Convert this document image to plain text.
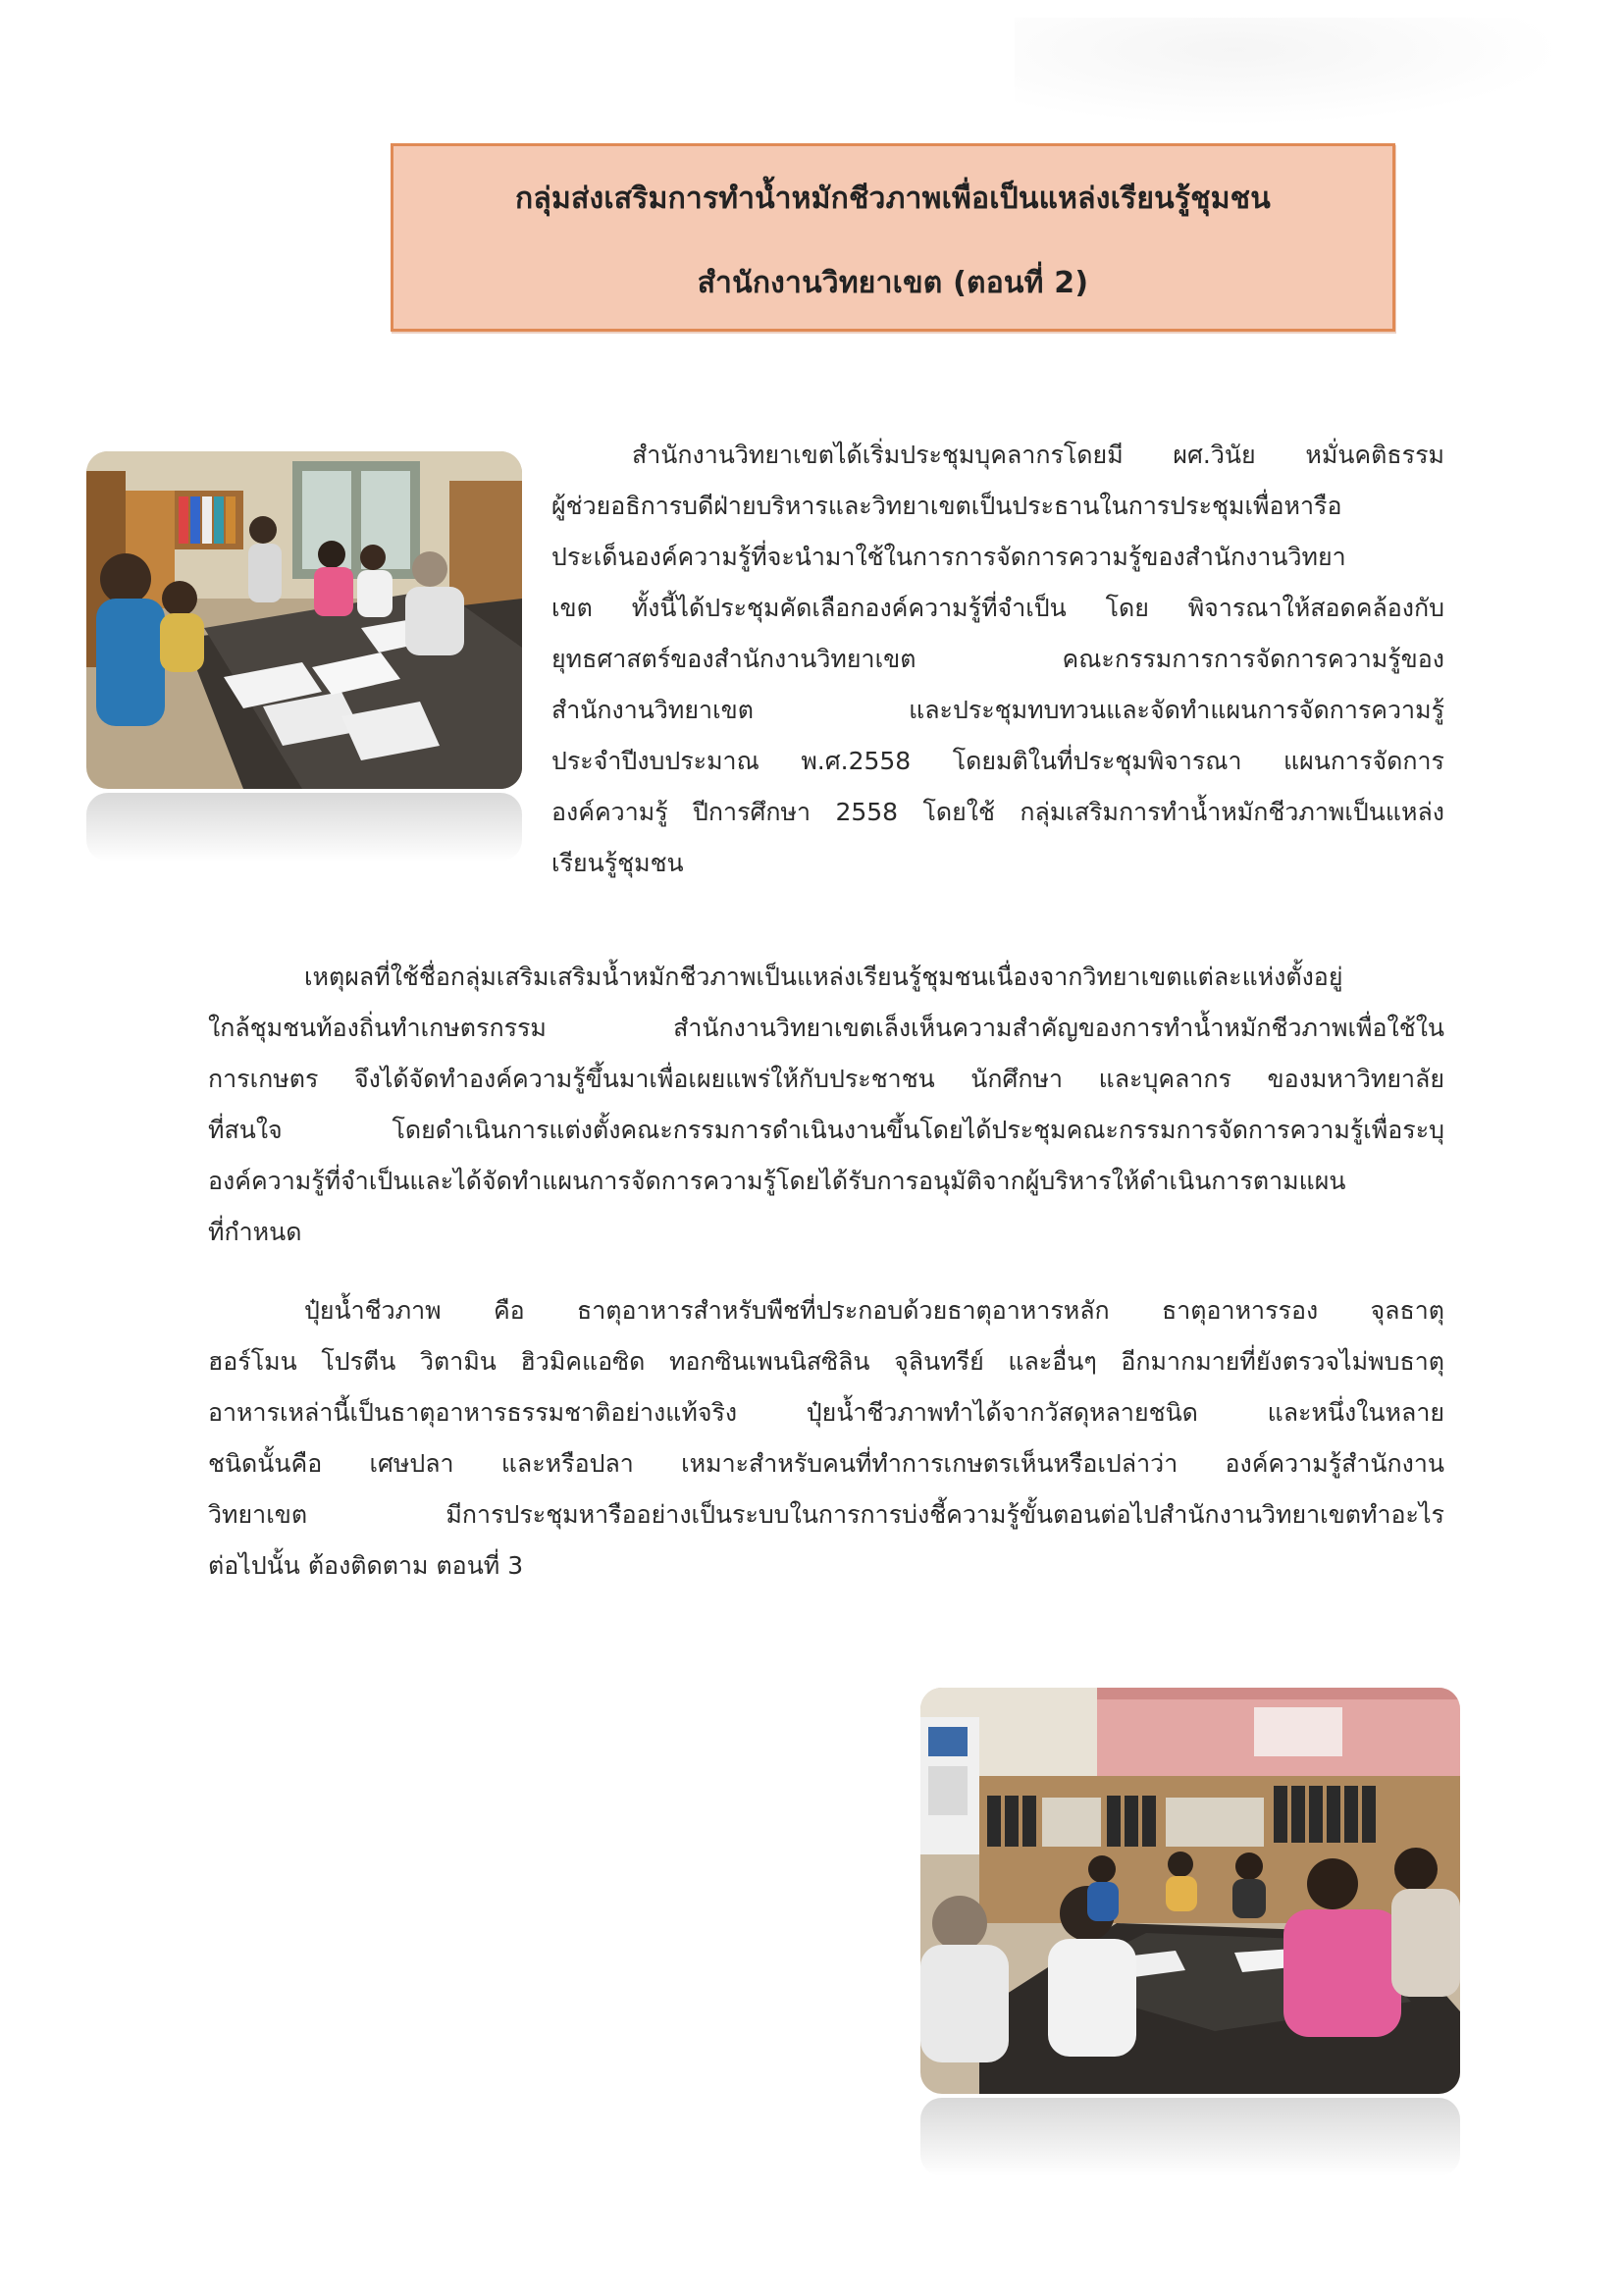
กลุ่มส่งเสริมการทำน้ำหมักชีวภาพเพื่อเป็นแหล่งเรียนรู้ชุมชน
สำนักงานวิทยาเขต (ตอนที่ 2)
สำนักงานวิทยาเขตได้เริ่มประชุมบุคลากรโดยมี ผศ.วินัย หมั่นคติธรรม
ผู้ช่วยอธิการบดีฝ่ายบริหารและวิทยาเขตเป็นประธานในการประชุมเพื่อหารือ
ประเด็นองค์ความรู้ที่จะนำมาใช้ในการการจัดการความรู้ของสำนักงานวิทยา
เขต ทั้งนี้ได้ประชุมคัดเลือกองค์ความรู้ที่จำเป็น โดย พิจารณาให้สอดคล้องกับ
ยุทธศาสตร์ของสำนักงานวิทยาเขต คณะกรรมการการจัดการความรู้ของ
สำนักงานวิทยาเขต และประชุมทบทวนและจัดทำแผนการจัดการความรู้
ประจำปีงบประมาณ พ.ศ.2558 โดยมติในที่ประชุมพิจารณา แผนการจัดการ
องค์ความรู้ ปีการศึกษา 2558 โดยใช้ กลุ่มเสริมการทำน้ำหมักชีวภาพเป็นแหล่ง
เรียนรู้ชุมชน
เหตุผลที่ใช้ชื่อกลุ่มเสริมเสริมน้ำหมักชีวภาพเป็นแหล่งเรียนรู้ชุมชนเนื่องจากวิทยาเขตแต่ละแห่งตั้งอยู่
ใกล้ชุมชนท้องถิ่นทำเกษตรกรรม สำนักงานวิทยาเขตเล็งเห็นความสำคัญของการทำน้ำหมักชีวภาพเพื่อใช้ใน
การเกษตร จึงได้จัดทำองค์ความรู้ขึ้นมาเพื่อเผยแพร่ให้กับประชาชน นักศึกษา และบุคลากร ของมหาวิทยาลัย
ที่สนใจ โดยดำเนินการแต่งตั้งคณะกรรมการดำเนินงานขึ้นโดยได้ประชุมคณะกรรมการจัดการความรู้เพื่อระบุ
องค์ความรู้ที่จำเป็นและได้จัดทำแผนการจัดการความรู้โดยได้รับการอนุมัติจากผู้บริหารให้ดำเนินการตามแผน
ที่กำหนด
ปุ๋ยน้ำชีวภาพ คือ ธาตุอาหารสำหรับพืชที่ประกอบด้วยธาตุอาหารหลัก ธาตุอาหารรอง จุลธาตุ
ฮอร์โมน โปรตีน วิตามิน ฮิวมิคแอซิด ทอกซินเพนนิสซิลิน จุลินทรีย์ และอื่นๆ อีกมากมายที่ยังตรวจไม่พบธาตุ
อาหารเหล่านี้เป็นธาตุอาหารธรรมชาติอย่างแท้จริง ปุ๋ยน้ำชีวภาพทำได้จากวัสดุหลายชนิด และหนึ่งในหลาย
ชนิดนั้นคือ เศษปลา และหรือปลา เหมาะสำหรับคนที่ทำการเกษตรเห็นหรือเปล่าว่า องค์ความรู้สำนักงาน
วิทยาเขต มีการประชุมหารืออย่างเป็นระบบในการการบ่งชี้ความรู้ขั้นตอนต่อไปสำนักงานวิทยาเขตทำอะไร
ต่อไปนั้น ต้องติดตาม ตอนที่ 3
